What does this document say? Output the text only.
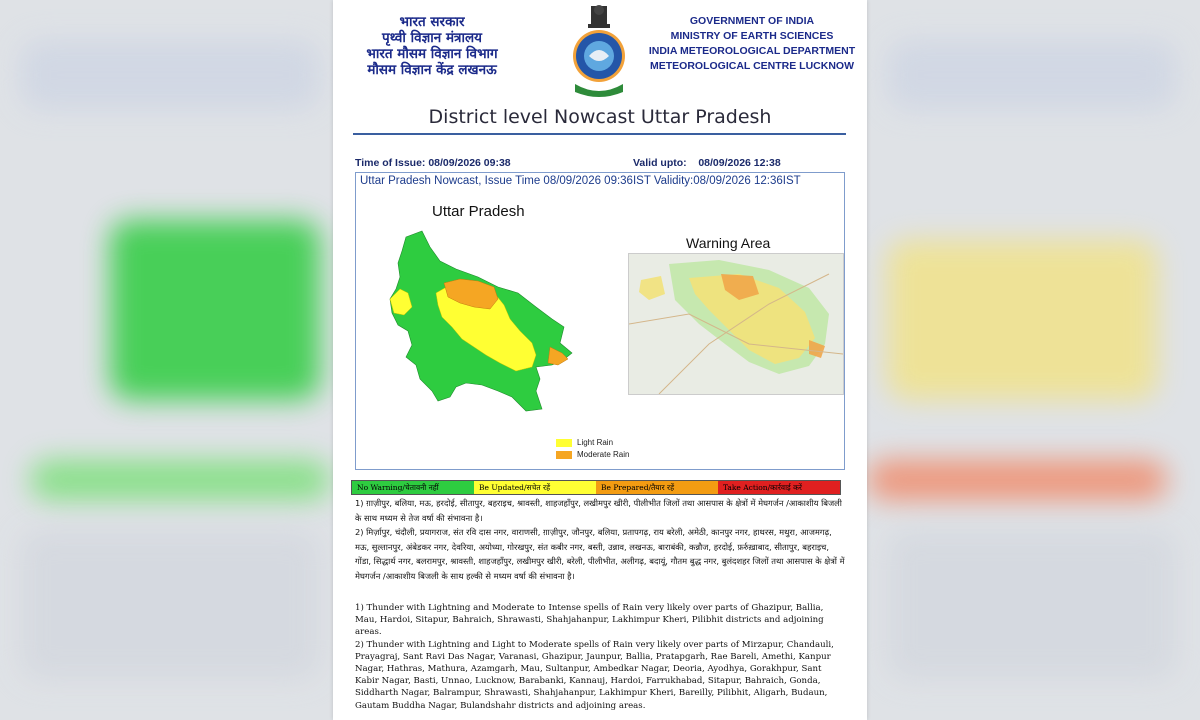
भारत सरकार
पृथ्वी विज्ञान मंत्रालय
भारत मौसम विज्ञान विभाग
मौसम विज्ञान केंद्र लखनऊ
GOVERNMENT OF INDIA
MINISTRY OF EARTH SCIENCES
INDIA METEOROLOGICAL DEPARTMENT
METEOROLOGICAL CENTRE LUCKNOW
District level Nowcast Uttar Pradesh
Time of Issue: 08/09/2026 09:38	Valid upto:    08/09/2026 12:38
Uttar Pradesh Nowcast, Issue Time 08/09/2026 09:36IST Validity:08/09/2026 12:36IST
Uttar Pradesh
Warning Area
Light Rain
Moderate Rain
No Warning/चेतावनी नहीं	Be Updated/सचेत रहें	Be Prepared/तैयार रहें	Take Action/कार्रवाई करें

1) ग़ाज़ीपुर, बलिया, मऊ, हरदोई, सीतापुर, बहराइच, श्रावस्ती, शाहजहाँपुर, लखीमपुर खीरी, पीलीभीत जिलों तथा आसपास के क्षेत्रों में मेघगर्जन /आकाशीय बिजली के साथ मध्यम से तेज वर्षा की संभावना है।

2) मिर्ज़ापुर, चंदौली, प्रयागराज, संत रवि दास नगर, वाराणसी, ग़ाज़ीपुर, जौनपुर, बलिया, प्रतापगढ़, राय बरेली, अमेठी, कानपुर नगर, हाथरस, मथुरा, आजमगढ़, मऊ, सुल्तानपुर, अंबेडकर नगर, देवरिया, अयोध्या, गोरखपुर, संत कबीर नगर, बस्ती, उन्नाव, लखनऊ, बाराबंकी, कन्नौज, हरदोई, फ़र्रुख़ाबाद, सीतापुर, बहराइच, गोंडा, सिद्धार्थ नगर, बलरामपुर, श्रावस्ती, शाहजहाँपुर, लखीमपुर खीरी, बरेली, पीलीभीत, अलीगढ़, बदायूं, गौतम बुद्ध नगर, बुलंदशहर जिलों तथा आसपास के क्षेत्रों में मेघगर्जन /आकाशीय बिजली के साथ हल्की से मध्यम वर्षा की संभावना है।

1) Thunder with Lightning and Moderate to Intense spells of Rain very likely over parts of Ghazipur, Ballia, Mau, Hardoi, Sitapur, Bahraich, Shrawasti, Shahjahanpur, Lakhimpur Kheri, Pilibhit districts and adjoining areas.

2) Thunder with Lightning and Light to Moderate spells of Rain very likely over parts of Mirzapur, Chandauli, Prayagraj, Sant Ravi Das Nagar, Varanasi, Ghazipur, Jaunpur, Ballia, Pratapgarh, Rae Bareli, Amethi, Kanpur Nagar, Hathras, Mathura, Azamgarh, Mau, Sultanpur, Ambedkar Nagar, Deoria, Ayodhya, Gorakhpur, Sant Kabir Nagar, Basti, Unnao, Lucknow, Barabanki, Kannauj, Hardoi, Farrukhabad, Sitapur, Bahraich, Gonda, Siddharth Nagar, Balrampur, Shrawasti, Shahjahanpur, Lakhimpur Kheri, Bareilly, Pilibhit, Aligarh, Budaun, Gautam Buddha Nagar, Bulandshahr districts and adjoining areas.
